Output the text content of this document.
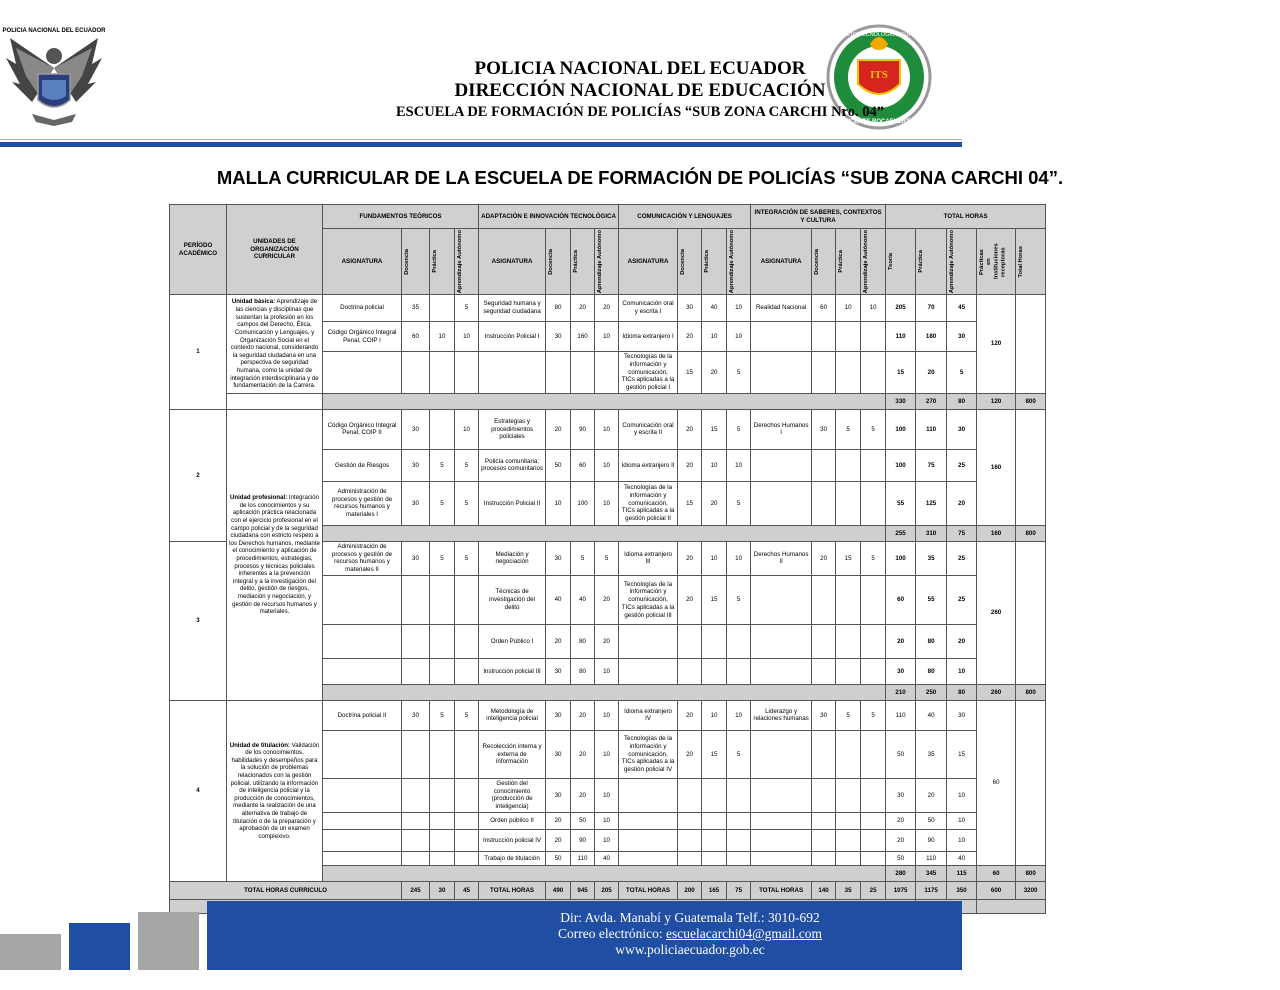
POLICIA NACIONAL DEL ECUADOR
ITS
INSTITUTO TECNOLÓGICO SUPERIOR
VICENTE ROCAFUERTE
POLICIA NACIONAL DEL ECUADOR
DIRECCIÓN NACIONAL DE EDUCACIÓN
ESCUELA DE FORMACIÓN DE POLICÍAS “SUB ZONA CARCHI Nro. 04”
MALLA CURRICULAR DE LA ESCUELA DE FORMACIÓN DE POLICÍAS “SUB ZONA CARCHI 04”.
PERÍODO ACADÉMICO	UNIDADES DE ORGANIZACIÓN CURRICULAR	FUNDAMENTOS TEÓRICOS				ADAPTACIÓN E INNOVACIÓN TECNOLÓGICA				COMUNICACIÓN Y LENGUAJES				INTEGRACIÓN DE SABERES, CONTEXTOS Y CULTURA				TOTAL HORAS				
		ASIGNATURA	Docencia	Práctica	Aprendizaje Autónomo	ASIGNATURA	Docencia	Práctica	Aprendizaje Autónomo	ASIGNATURA	Docencia	Práctica	Aprendizaje Autónomo	ASIGNATURA	Docencia	Práctica	Aprendizaje Autónomo	Teoría	Práctica	Aprendizaje Autónomo	Prácticas en Instituciones receptoras	Total Horas

1	Unidad básica: Aprendizaje de las ciencias y disciplinas que sustentan la profesión en los campos del Derecho, Ética, Comunicación y Lenguajes, y Organización Social en el contexto nacional, considerando la seguridad ciudadana en una perspectiva de seguridad humana, como la unidad de integración interdisciplinaria y de fundamentación de la Carrera.	Doctrina policial	35		5	Seguridad humana y seguridad ciudadana	80	20	20	Comunicación oral y escrita I	30	40	10	Realidad Nacional	60	10	10	205	70	45	120	
		Código Orgánico Integral Penal, COIP I	60	10	10	Instrucción Policial I	30	160	10	Idioma extranjero I	20	10	10					110	180	30		
										Tecnologías de la información y comunicación, TICs aplicadas a la gestión policial I	15	20	5					15	20	5		
																		330	270	80	120	800
2	Unidad profesional: Integración de los conocimientos y su aplicación práctica relacionada con el ejercicio profesional en el campo policial y de la seguridad ciudadana con estricto respeto a los Derechos humanos, mediante el conocimiento y aplicación de procedimientos, estrategias, procesos y técnicas policiales inherentes a la prevención integral y a la investigación del delito, gestión de riesgos, mediación y negociación, y gestión de recursos humanos y materiales.	Código Orgánico Integral Penal, COIP II	30		10	Estrategias y procedimientos policiales	20	90	10	Comunicación oral y escrita II	20	15	5	Derechos Humanos I	30	5	5	100	110	30	160	
		Gestión de Riesgos	30	5	5	Policía comunitaria: procesos comunitarios	50	60	10	Idioma extranjero II	20	10	10					100	75	25		
		Administración de procesos y gestión de recursos humanos y materiales I	30	5	5	Instrucción Policial II	10	100	10	Tecnologías de la información y comunicación, TICs aplicadas a la gestión policial II	15	20	5					55	125	20		
																		255	310	75	160	800
3		Administración de procesos y gestión de recursos humanos y materiales II	30	5	5	Mediación y negociación	30	5	5	Idioma extranjero III	20	10	10	Derechos Humanos II	20	15	5	100	35	25	260	
						Técnicas de investigación del delito	40	40	20	Tecnologías de la información y comunicación, TICs aplicadas a la gestión policial III	20	15	5					60	55	25		
						Orden Público I	20	80	20									20	80	20		
						Instrucción policial III	30	80	10									30	80	10		
																		210	250	80	260	800
4	Unidad de titulación: Validación de los conocimientos, habilidades y desempeños para la solución de problemas relacionados con la gestión policial, utilizando la información de inteligencia policial y la producción de conocimientos, mediante la realización de una alternativa de trabajo de titulación o de la preparación y aprobación de un examen complexivo.	Doctrina policial II	30	5	5	Metodología de inteligencia policial	30	20	10	Idioma extranjero IV	20	10	10	Liderazgo y relaciones humanas	30	5	5	110	40	30	60	
						Recolección interna y externa de información	30	20	10	Tecnologías de la información y comunicación, TICs aplicadas a la gestión policial IV	20	15	5					50	35	15		
						Gestión del conocimiento (producción de inteligencia)	30	20	10									30	20	10		
						Orden público II	20	50	10									20	50	10		
						Instrucción policial IV	20	90	10									20	90	10		
						Trabajo de titulación	50	110	40									50	110	40		
																		280	345	115	60	800
TOTAL HORAS CURRICULO			245	30	45	TOTAL HORAS	490	945	205	TOTAL HORAS	200	165	75	TOTAL HORAS	140	35	25	1075	1175	350	600	3200

Dir: Avda. Manabí y Guatemala Telf.: 3010-692
Correo electrónico: escuelacarchi04@gmail.com
www.policiaecuador.gob.ec
